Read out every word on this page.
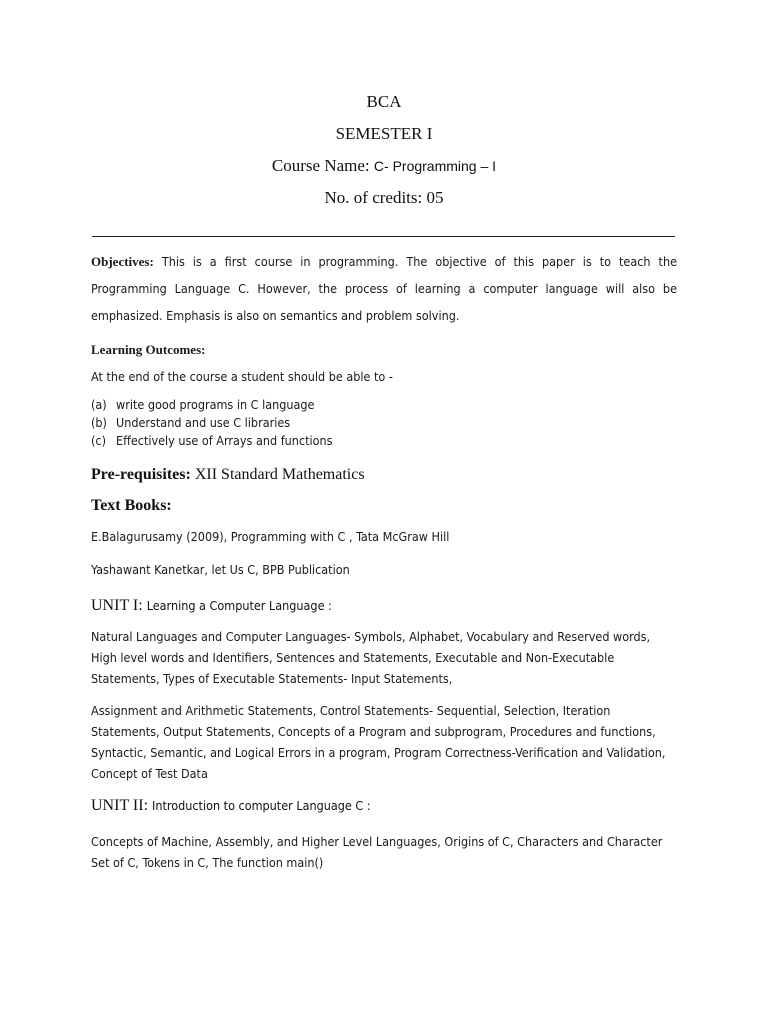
BCA
SEMESTER I
Course Name: C- Programming – I
No. of credits: 05
Objectives: This is a first course in programming. The objective of this paper is to teach the Programming Language C. However, the process of learning a computer language will also be emphasized. Emphasis is also on semantics and problem solving.
Learning Outcomes:
At the end of the course a student should be able to -
(a) write good programs in C language
(b) Understand and use C libraries
(c) Effectively use of Arrays and functions
Pre-requisites: XII Standard Mathematics
Text Books:
E.Balagurusamy (2009), Programming with C , Tata McGraw Hill
Yashawant Kanetkar, let Us C, BPB Publication
UNIT I: Learning a Computer Language :
Natural Languages and Computer Languages- Symbols, Alphabet, Vocabulary and Reserved words, High level words and Identifiers, Sentences and Statements, Executable and Non-Executable Statements, Types of Executable Statements- Input Statements,
Assignment and Arithmetic Statements, Control Statements- Sequential, Selection, Iteration Statements, Output Statements, Concepts of a Program and subprogram, Procedures and functions, Syntactic, Semantic, and Logical Errors in a program, Program Correctness-Verification and Validation, Concept of Test Data
UNIT II: Introduction to computer Language C :
Concepts of Machine, Assembly, and Higher Level Languages, Origins of C, Characters and Character Set of C, Tokens in C, The function main()
